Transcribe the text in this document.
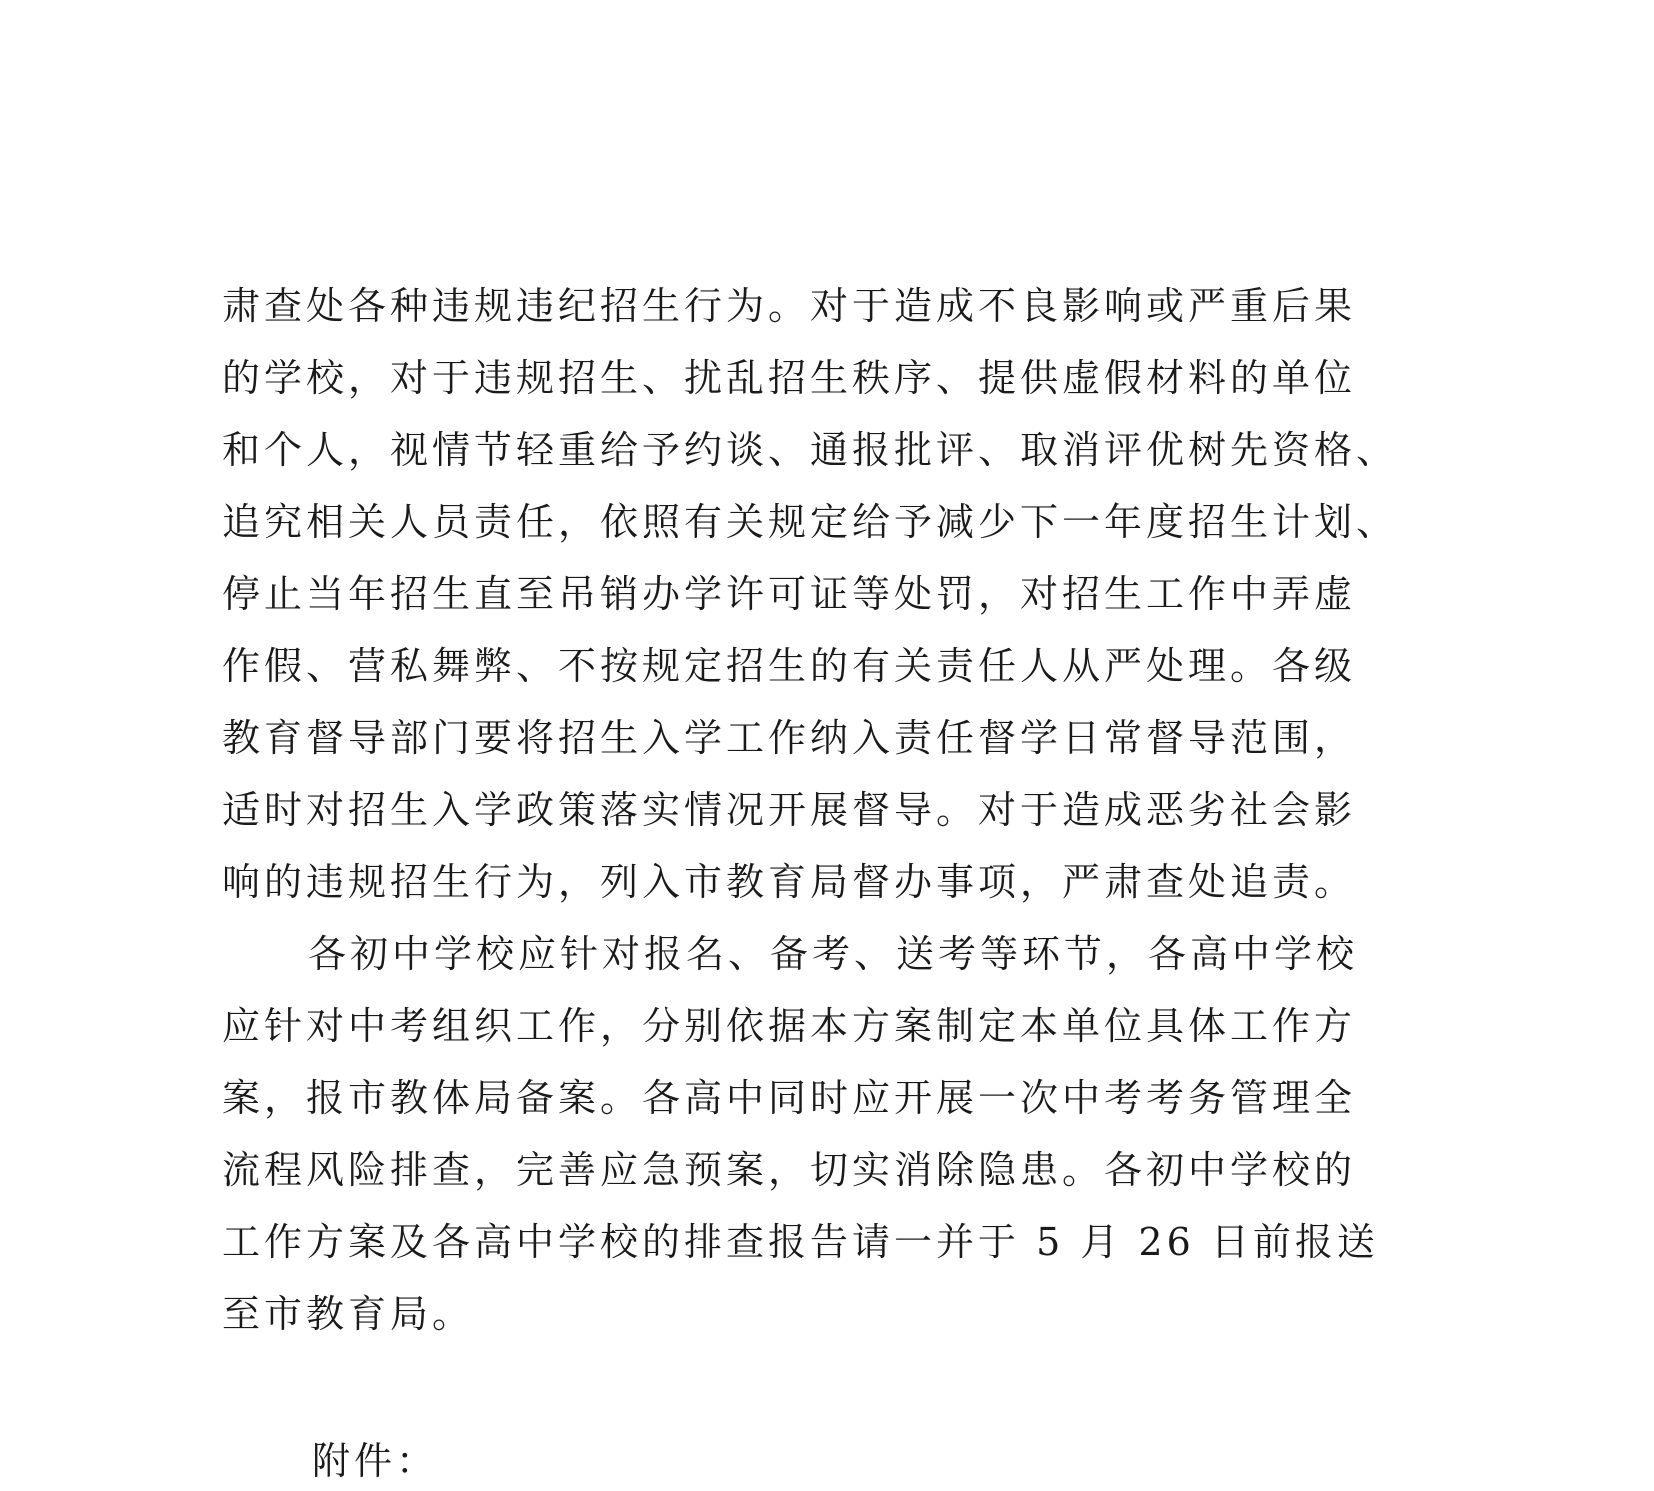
肃查处各种违规违纪招生行为。对于造成不良影响或严重后果
的学校，对于违规招生、扰乱招生秩序、提供虚假材料的单位
和个人，视情节轻重给予约谈、通报批评、取消评优树先资格、
追究相关人员责任，依照有关规定给予减少下一年度招生计划、
停止当年招生直至吊销办学许可证等处罚，对招生工作中弄虚
作假、营私舞弊、不按规定招生的有关责任人从严处理。各级
教育督导部门要将招生入学工作纳入责任督学日常督导范围，
适时对招生入学政策落实情况开展督导。对于造成恶劣社会影
响的违规招生行为，列入市教育局督办事项，严肃查处追责。
各初中学校应针对报名、备考、送考等环节，各高中学校
应针对中考组织工作，分别依据本方案制定本单位具体工作方
案，报市教体局备案。各高中同时应开展一次中考考务管理全
流程风险排查，完善应急预案，切实消除隐患。各初中学校的
工作方案及各高中学校的排查报告请一并于 5 月 26 日前报送
至市教育局。
附件：
